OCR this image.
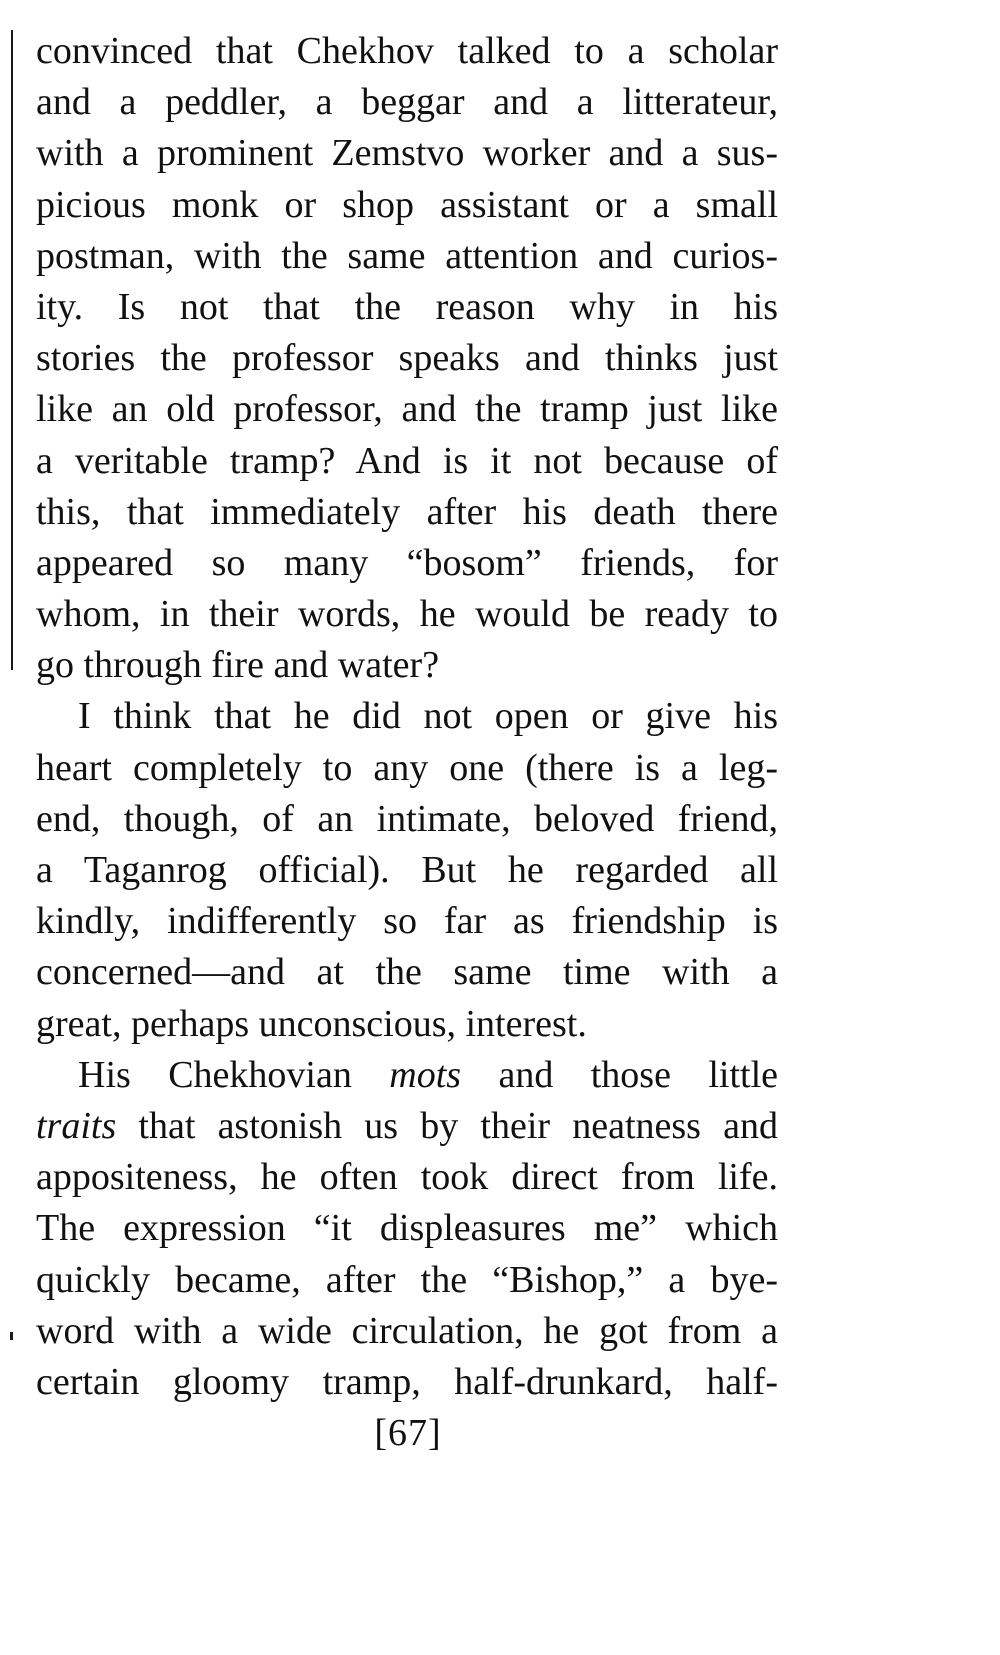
convinced that Chekhov talked to a scholar
and a peddler, a beggar and a litterateur,
with a prominent Zemstvo worker and a sus-
picious monk or shop assistant or a small
postman, with the same attention and curios-
ity. Is not that the reason why in his
stories the professor speaks and thinks just
like an old professor, and the tramp just like
a veritable tramp? And is it not because of
this, that immediately after his death there
appeared so many “bosom” friends, for
whom, in their words, he would be ready to
go through fire and water?
I think that he did not open or give his
heart completely to any one (there is a leg-
end, though, of an intimate, beloved friend,
a Taganrog official). But he regarded all
kindly, indifferently so far as friendship is
concerned—and at the same time with a
great, perhaps unconscious, interest.
His Chekhovian mots and those little
traits that astonish us by their neatness and
appositeness, he often took direct from life.
The expression “it displeasures me” which
quickly became, after the “Bishop,” a bye-
word with a wide circulation, he got from a
certain gloomy tramp, half-drunkard, half-
[67]
